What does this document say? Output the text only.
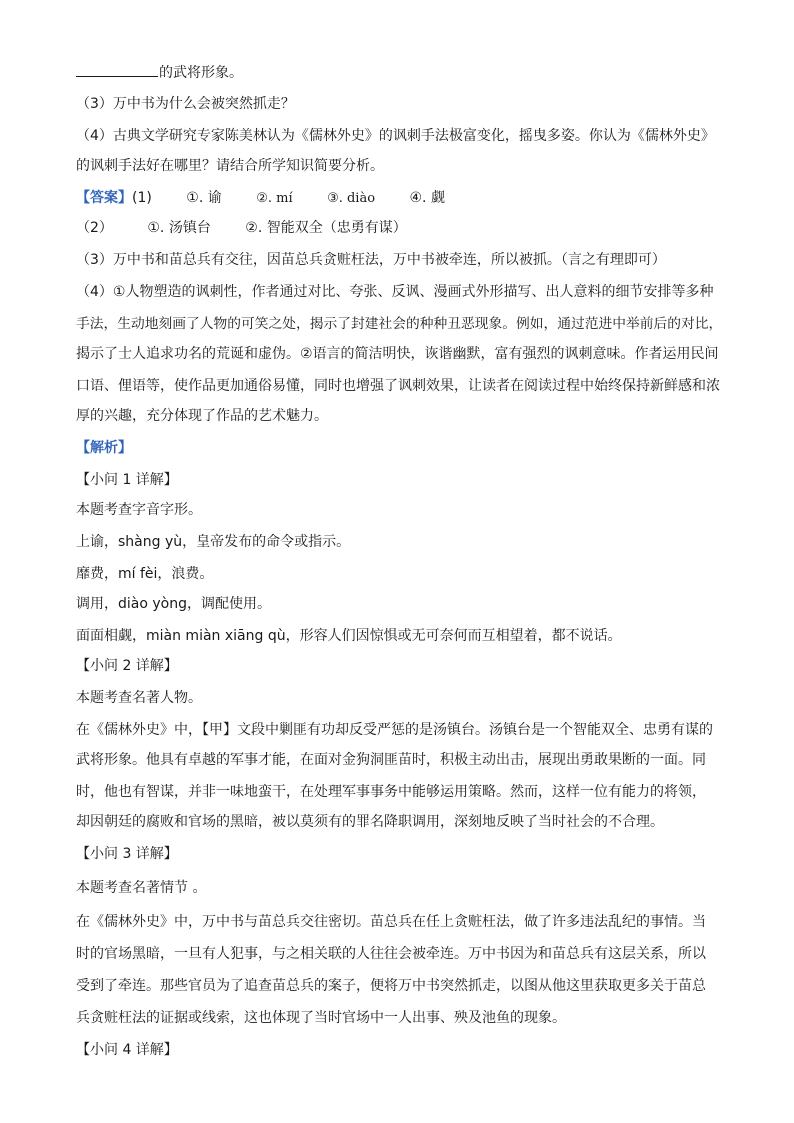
的武将形象。
（3）万中书为什么会被突然抓走？
（4）古典文学研究专家陈美林认为《儒林外史》的讽刺手法极富变化，摇曳多姿。你认为《儒林外史》
的讽刺手法好在哪里？请结合所学知识简要分析。
【答案】(1) ①. 谕	②. mí	③. diào ④. 觑
（2） ①. 汤镇台 ②. 智能双全（忠勇有谋）
（3）万中书和苗总兵有交往，因苗总兵贪赃枉法，万中书被牵连，所以被抓。（言之有理即可）
（4）①人物塑造的讽刺性，作者通过对比、夸张、反讽、漫画式外形描写、出人意料的细节安排等多种
手法，生动地刻画了人物的可笑之处，揭示了封建社会的种种丑恶现象。例如，通过范进中举前后的对比，
揭示了士人追求功名的荒诞和虚伪。②语言的简洁明快，诙谐幽默，富有强烈的讽刺意味。作者运用民间
口语、俚语等，使作品更加通俗易懂，同时也增强了讽刺效果，让读者在阅读过程中始终保持新鲜感和浓
厚的兴趣，充分体现了作品的艺术魅力。
【解析】
【小问 1 详解】
本题考查字音字形。
上谕，shàng yù，皇帝发布的命令或指示。
靡费，mí fèi，浪费。
调用，diào yòng，调配使用。
面面相觑，miàn miàn xiāng qù，形容人们因惊惧或无可奈何而互相望着，都不说话。
【小问 2 详解】
本题考查名著人物。
在《儒林外史》中，【甲】文段中剿匪有功却反受严惩的是汤镇台。汤镇台是一个智能双全、忠勇有谋的
武将形象。他具有卓越的军事才能，在面对金狗洞匪苗时，积极主动出击，展现出勇敢果断的一面。同
时，他也有智谋，并非一味地蛮干，在处理军事事务中能够运用策略。然而，这样一位有能力的将领，
却因朝廷的腐败和官场的黑暗，被以莫须有的罪名降职调用，深刻地反映了当时社会的不合理。
【小问 3 详解】
本题考查名著情节 。
在《儒林外史》中，万中书与苗总兵交往密切。苗总兵在任上贪赃枉法，做了许多违法乱纪的事情。当
时的官场黑暗，一旦有人犯事，与之相关联的人往往会被牵连。万中书因为和苗总兵有这层关系，所以
受到了牵连。那些官员为了追查苗总兵的案子，便将万中书突然抓走，以图从他这里获取更多关于苗总
兵贪赃枉法的证据或线索，这也体现了当时官场中一人出事、殃及池鱼的现象。
【小问 4 详解】
